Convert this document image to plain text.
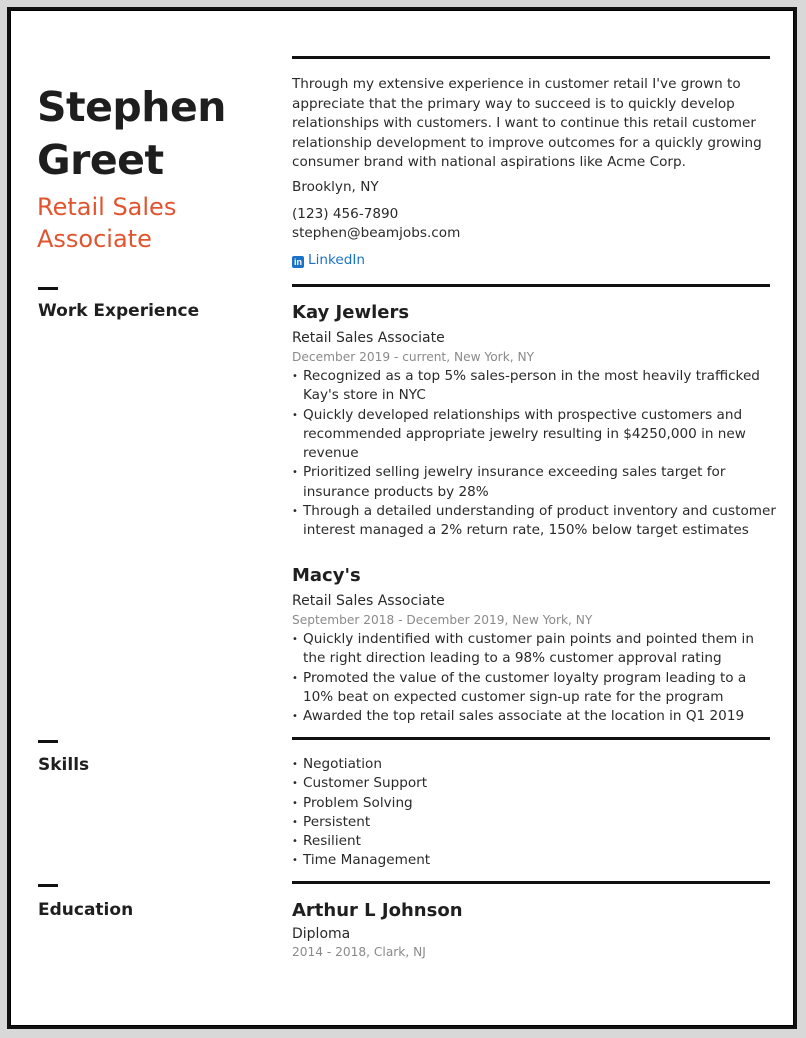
Stephen
Greet
Retail Sales
Associate
Work Experience
Skills
Education
Through my extensive experience in customer retail I've grown to appreciate that the primary way to succeed is to quickly develop relationships with customers. I want to continue this retail customer relationship development to improve outcomes for a quickly growing consumer brand with national aspirations like Acme Corp.
Brooklyn, NY
(123) 456-7890
stephen@beamjobs.com
in LinkedIn
Kay Jewlers
Retail Sales Associate
December 2019 - current, New York, NY
• Recognized as a top 5% sales-person in the most heavily trafficked Kay's store in NYC
• Quickly developed relationships with prospective customers and recommended appropriate jewelry resulting in $4250,000 in new revenue
• Prioritized selling jewelry insurance exceeding sales target for insurance products by 28%
• Through a detailed understanding of product inventory and customer interest managed a 2% return rate, 150% below target estimates
Macy's
Retail Sales Associate
September 2018 - December 2019, New York, NY
• Quickly indentified with customer pain points and pointed them in the right direction leading to a 98% customer approval rating
• Promoted the value of the customer loyalty program leading to a 10% beat on expected customer sign-up rate for the program
• Awarded the top retail sales associate at the location in Q1 2019
• Negotiation
• Customer Support
• Problem Solving
• Persistent
• Resilient
• Time Management
Arthur L Johnson
Diploma
2014 - 2018, Clark, NJ
